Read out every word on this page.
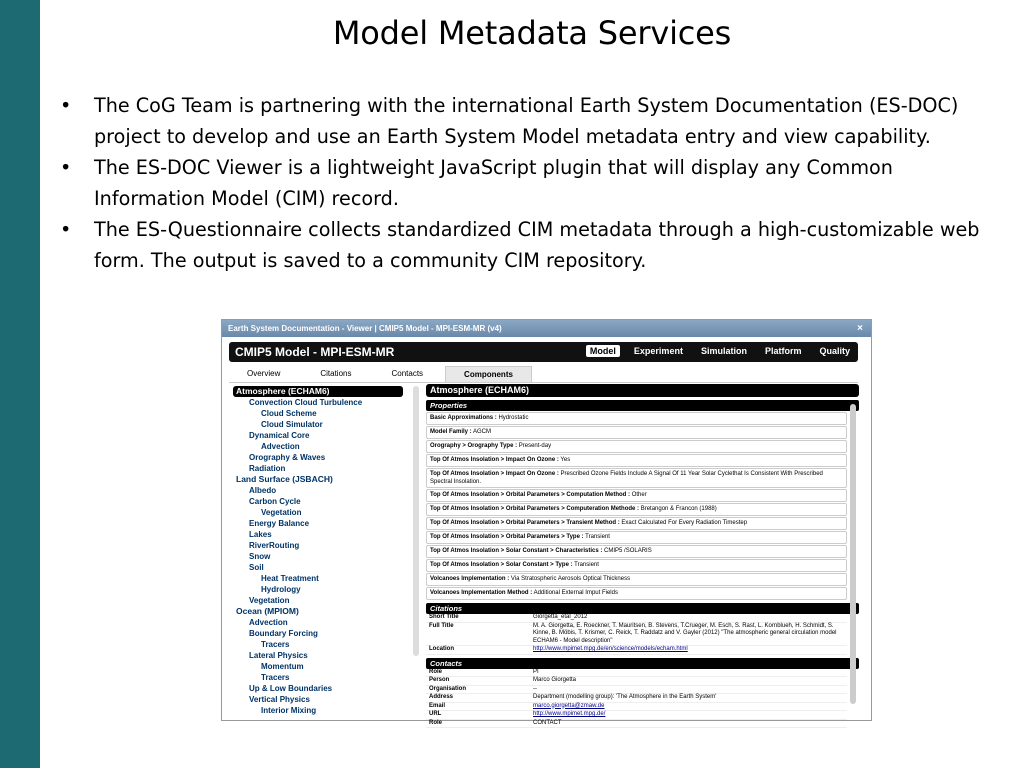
Model Metadata Services
• The CoG Team is partnering with the international Earth System Documentation (ES-DOC) project to develop and use an Earth System Model metadata entry and view capability.
• The ES-DOC Viewer is a lightweight JavaScript plugin that will display any Common Information Model (CIM) record.
• The ES-Questionnaire collects standardized CIM metadata through a high-customizable web form. The output is saved to a community CIM repository.
Earth System Documentation - Viewer | CMIP5 Model - MPI-ESM-MR (v4)	×
CMIP5 Model - MPI-ESM-MR	Model	Experiment	Simulation	Platform	Quality
Overview	Citations	Contacts	Components
Atmosphere (ECHAM6)
Convection Cloud Turbulence
Cloud Scheme
Cloud Simulator
Dynamical Core
Advection
Orography & Waves
Radiation
Land Surface (JSBACH)
Albedo
Carbon Cycle
Vegetation
Energy Balance
Lakes
RiverRouting
Snow
Soil
Heat Treatment
Hydrology
Vegetation
Ocean (MPIOM)
Advection
Boundary Forcing
Tracers
Lateral Physics
Momentum
Tracers
Up & Low Boundaries
Vertical Physics
Interior Mixing
Atmosphere (ECHAM6)
Properties
Basic Approximations : Hydrostatic
Model Family : AGCM
Orography > Orography Type : Present-day
Top Of Atmos Insolation > Impact On Ozone : Yes
Top Of Atmos Insolation > Impact On Ozone : Prescribed Ozone Fields Include A Signal Of 11 Year Solar Cyclethat Is Consistent With Prescribed Spectral Insolation.
Top Of Atmos Insolation > Orbital Parameters > Computation Method : Other
Top Of Atmos Insolation > Orbital Parameters > Computeration Methode : Bretangon & Francon (1988)
Top Of Atmos Insolation > Orbital Parameters > Transient Method : Exact Calculated For Every Radiation Timestep
Top Of Atmos Insolation > Orbital Parameters > Type : Transient
Top Of Atmos Insolation > Solar Constant > Characteristics : CMIP5 /SOLARIS
Top Of Atmos Insolation > Solar Constant > Type : Transient
Volcanoes Implementation : Via Stratospheric Aerosols Optical Thickness
Volcanoes Implementation Method : Additional External Imput Fields
Citations
Short Title	Giorgetta_etal_2012
Full Title	M. A. Giorgetta, E. Roeckner, T. Mauritsen, B. Stevens, T.Crueger, M. Esch, S. Rast, L. Kornblueh, H. Schmidt, S. Kinne, B. Möbis, T. Krismer, C. Reick, T. Raddatz and V. Gayler (2012) "The atmospheric general circulation model ECHAM6 - Model description"
Location	http://www.mpimet.mpg.de/en/science/models/echam.html
Contacts
Role	PI
Person	Marco Giorgetta
Organisation	--
Address	Department (modelling group): 'The Atmosphere in the Earth System'
Email	marco.giorgetta@zmaw.de
URL	http://www.mpimet.mpg.de/
Role	CONTACT
